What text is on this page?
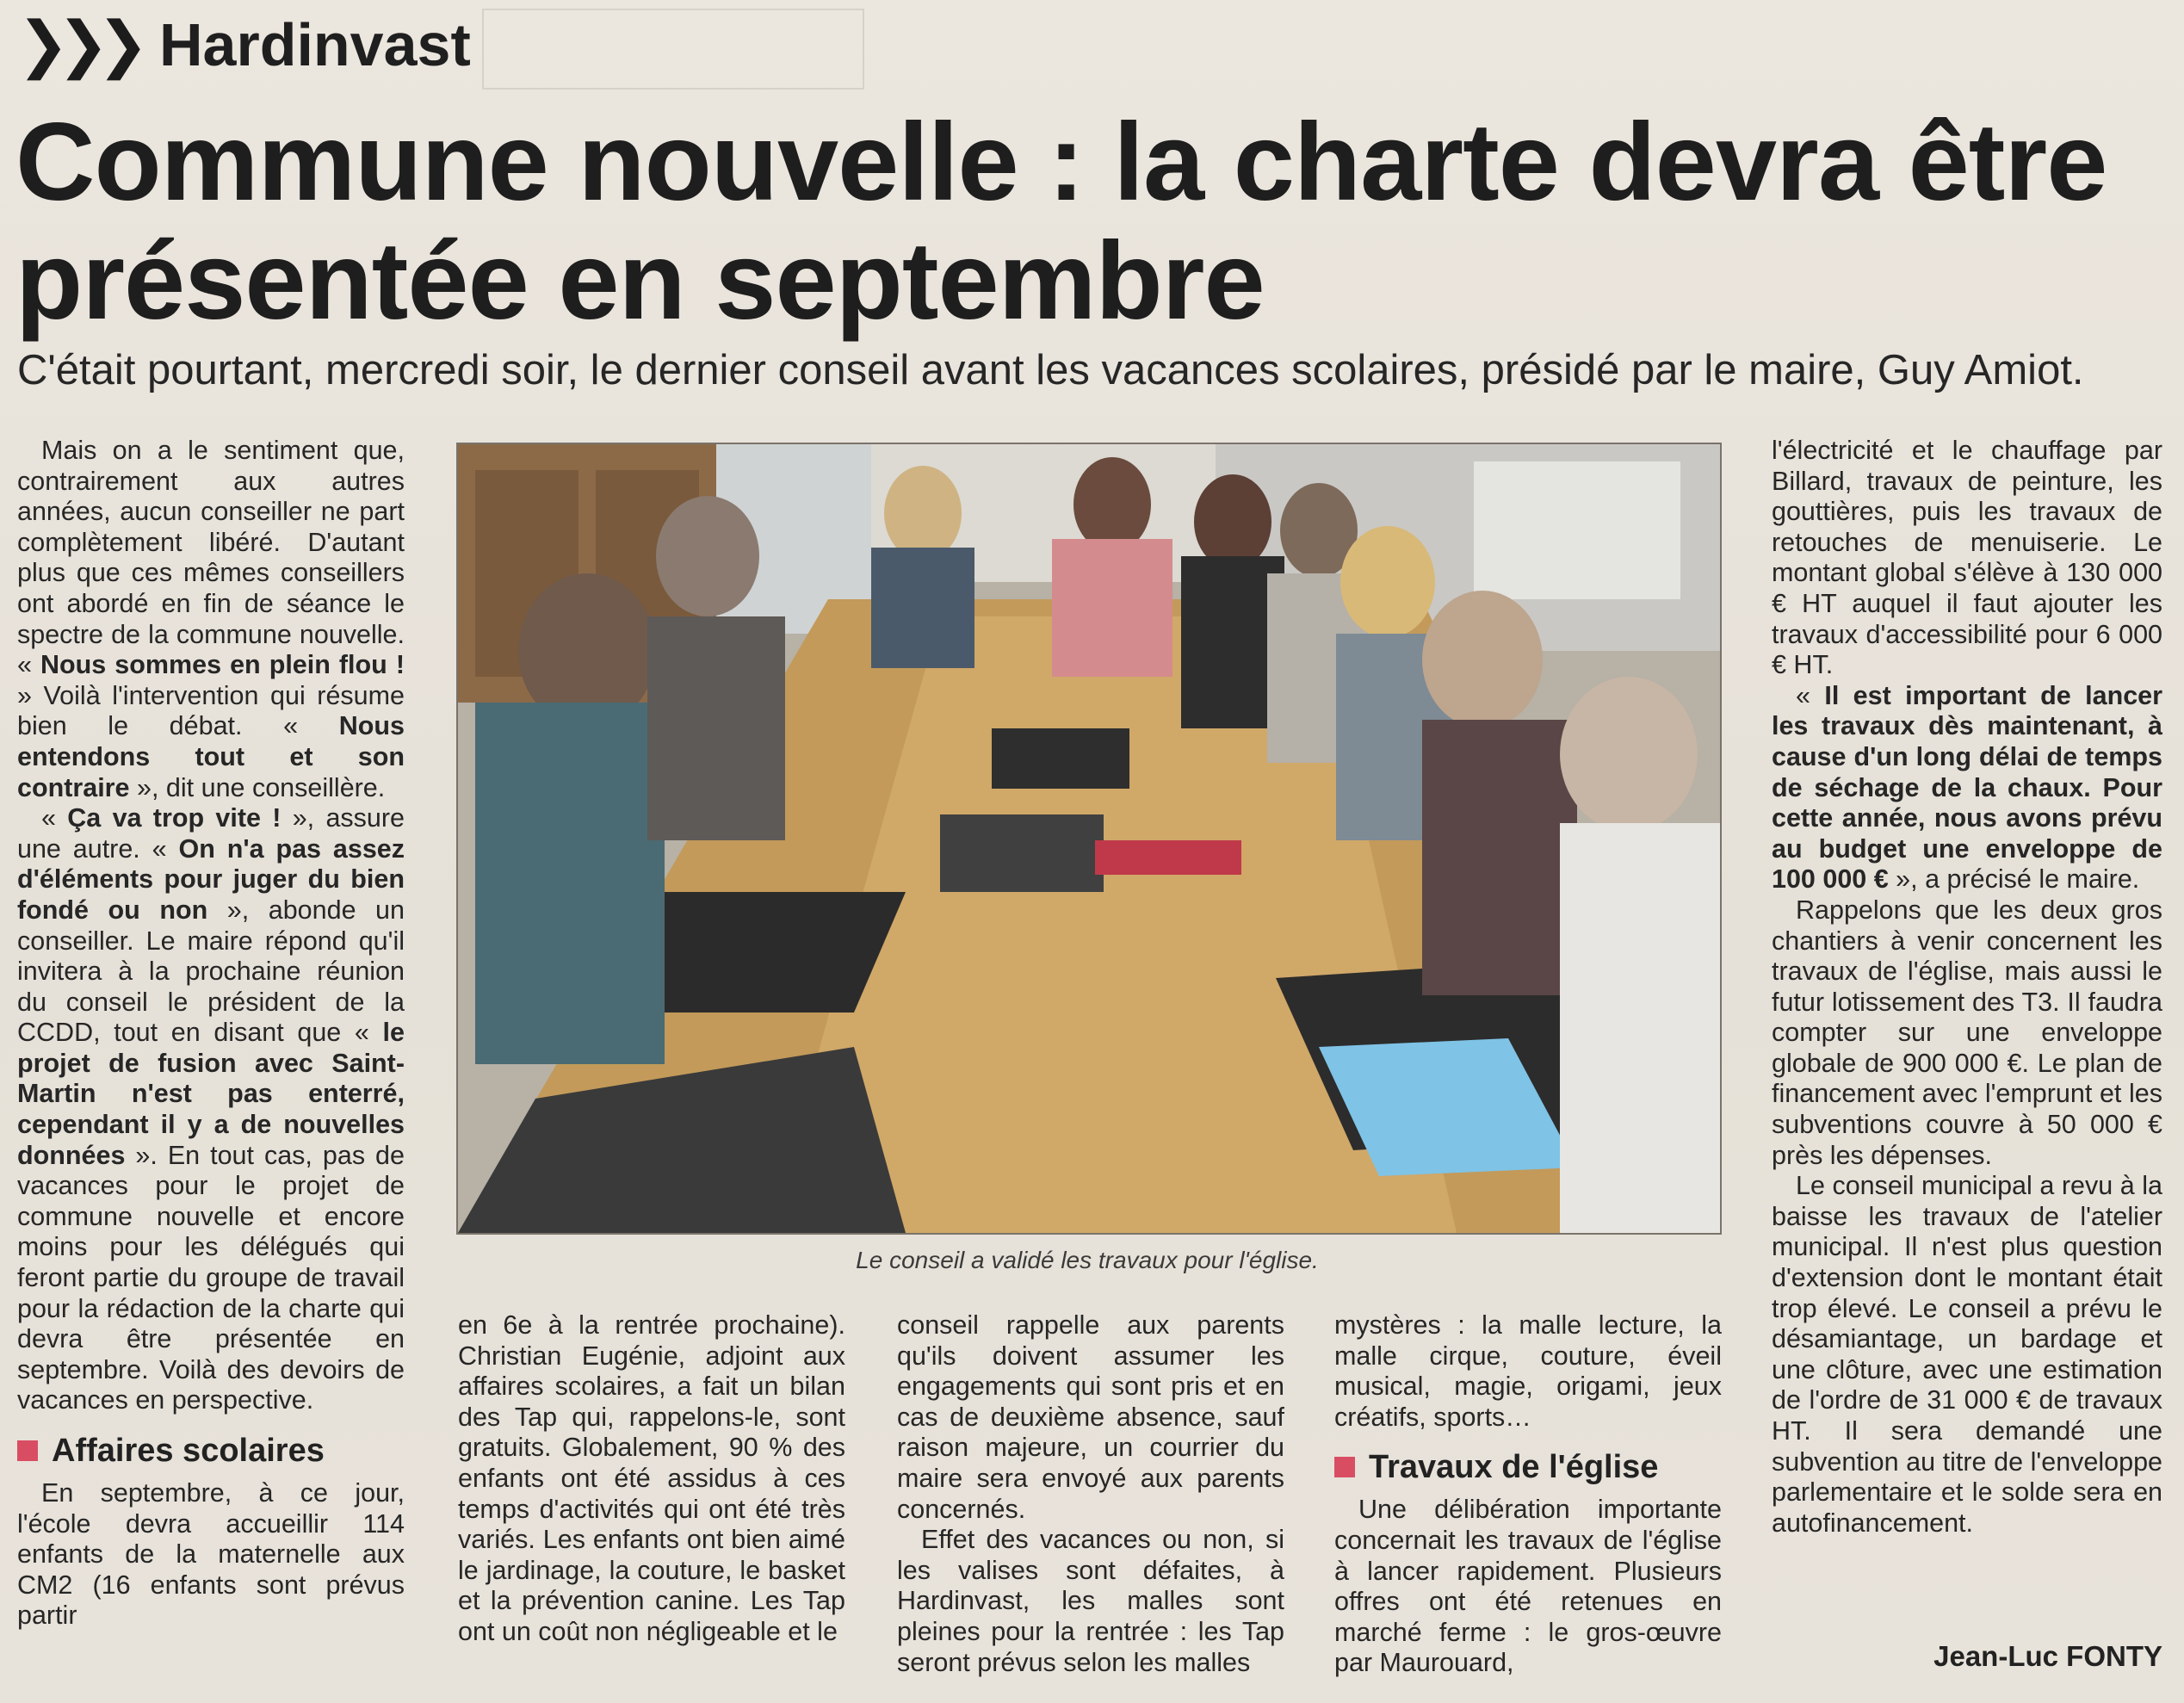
❯❯❯ Hardinvast
Commune nouvelle : la charte devra être présentée en septembre

C'était pourtant, mercredi soir, le dernier conseil avant les vacances scolaires, présidé par le maire, Guy Amiot.

Mais on a le sentiment que, contrairement aux autres années, aucun conseiller ne part complètement libéré. D'autant plus que ces mêmes conseillers ont abordé en fin de séance le spectre de la commune nouvelle. « Nous sommes en plein flou ! » Voilà l'intervention qui résume bien le débat. « Nous entendons tout et son contraire », dit une conseillère.

« Ça va trop vite ! », assure une autre. « On n'a pas assez d'éléments pour juger du bien fondé ou non », abonde un conseiller. Le maire répond qu'il invitera à la prochaine réunion du conseil le président de la CCDD, tout en disant que « le projet de fusion avec Saint-Martin n'est pas enterré, cependant il y a de nouvelles données ». En tout cas, pas de vacances pour le projet de commune nouvelle et encore moins pour les délégués qui feront partie du groupe de travail pour la rédaction de la charte qui devra être présentée en septembre. Voilà des devoirs de vacances en perspective.

Affaires scolaires

En septembre, à ce jour, l'école devra accueillir 114 enfants de la maternelle aux CM2 (16 enfants sont prévus partir

Le conseil a validé les travaux pour l'église.

en 6e à la rentrée prochaine). Christian Eugénie, adjoint aux affaires scolaires, a fait un bilan des Tap qui, rappelons-le, sont gratuits. Globalement, 90 % des enfants ont été assidus à ces temps d'activités qui ont été très variés. Les enfants ont bien aimé le jardinage, la couture, le basket et la prévention canine. Les Tap ont un coût non négligeable et le

conseil rappelle aux parents qu'ils doivent assumer les engagements qui sont pris et en cas de deuxième absence, sauf raison majeure, un courrier du maire sera envoyé aux parents concernés.

Effet des vacances ou non, si les valises sont défaites, à Hardinvast, les malles sont pleines pour la rentrée : les Tap seront prévus selon les malles

mystères : la malle lecture, la malle cirque, couture, éveil musical, magie, origami, jeux créatifs, sports…

Travaux de l'église

Une délibération importante concernait les travaux de l'église à lancer rapidement. Plusieurs offres ont été retenues en marché ferme : le gros-œuvre par Maurouard,

l'électricité et le chauffage par Billard, travaux de peinture, les gouttières, puis les travaux de retouches de menuiserie. Le montant global s'élève à 130 000 € HT auquel il faut ajouter les travaux d'accessibilité pour 6 000 € HT.

« Il est important de lancer les travaux dès maintenant, à cause d'un long délai de temps de séchage de la chaux. Pour cette année, nous avons prévu au budget une enveloppe de 100 000 € », a précisé le maire.

Rappelons que les deux gros chantiers à venir concernent les travaux de l'église, mais aussi le futur lotissement des T3. Il faudra compter sur une enveloppe globale de 900 000 €. Le plan de financement avec l'emprunt et les subventions couvre à 50 000 € près les dépenses.

Le conseil municipal a revu à la baisse les travaux de l'atelier municipal. Il n'est plus question d'extension dont le montant était trop élevé. Le conseil a prévu le désamiantage, un bardage et une clôture, avec une estimation de l'ordre de 31 000 € de travaux HT. Il sera demandé une subvention au titre de l'enveloppe parlementaire et le solde sera en autofinancement.

Jean-Luc FONTY
